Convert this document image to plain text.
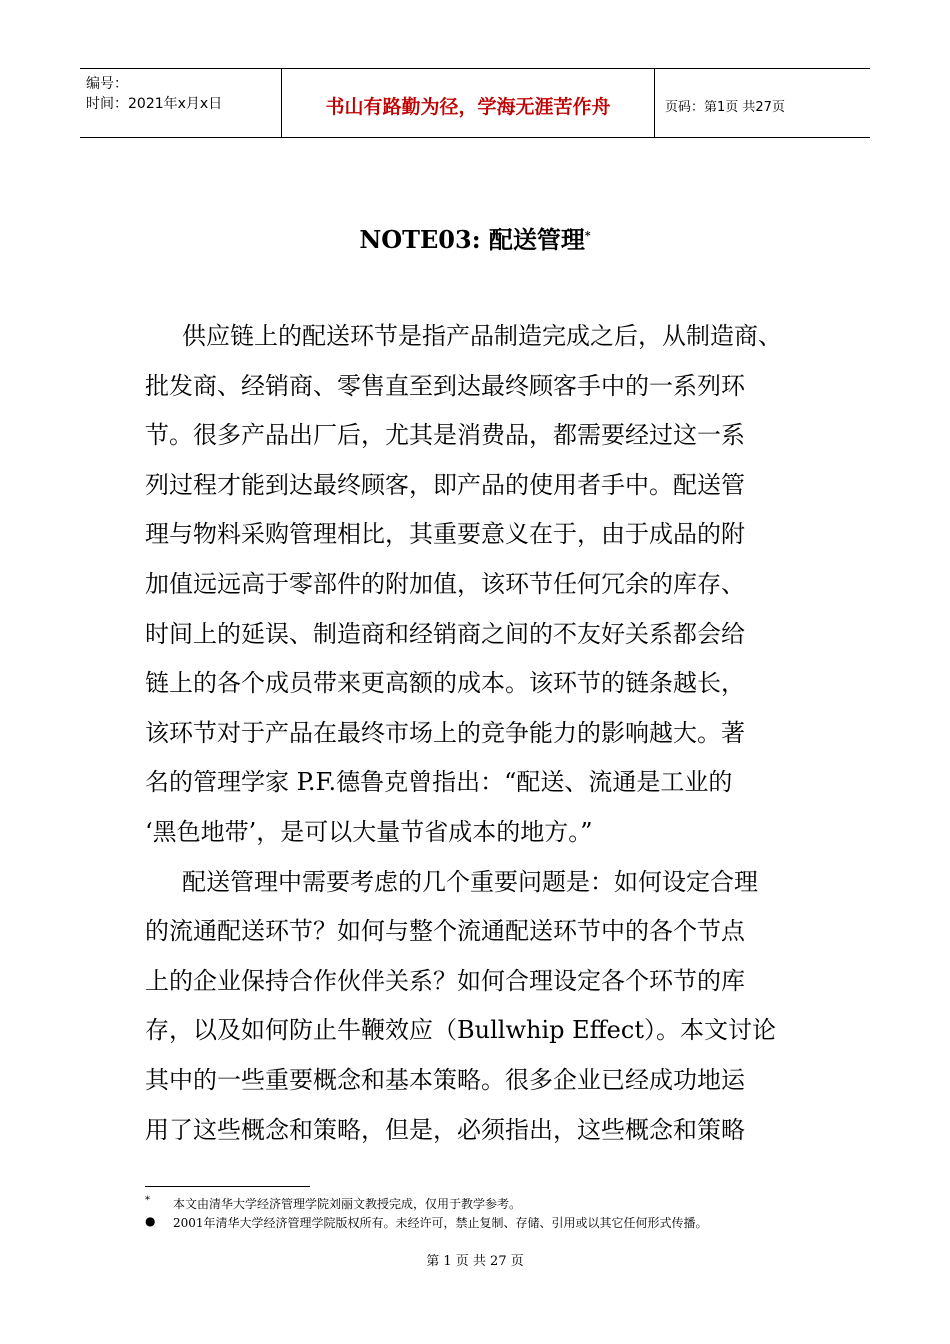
编号：
时间：2021年x月x日	书山有路勤为径，学海无涯苦作舟	页码：第1页 共27页
NOTE03: 配送管理*
供应链上的配送环节是指产品制造完成之后，从制造商、
批发商、经销商、零售直至到达最终顾客手中的一系列环
节。很多产品出厂后，尤其是消费品，都需要经过这一系
列过程才能到达最终顾客，即产品的使用者手中。配送管
理与物料采购管理相比，其重要意义在于，由于成品的附
加值远远高于零部件的附加值，该环节任何冗余的库存、
时间上的延误、制造商和经销商之间的不友好关系都会给
链上的各个成员带来更高额的成本。该环节的链条越长，
该环节对于产品在最终市场上的竞争能力的影响越大。著
名的管理学家 P.F.德鲁克曾指出：“配送、流通是工业的
‘黑色地带’，是可以大量节省成本的地方。”
配送管理中需要考虑的几个重要问题是：如何设定合理
的流通配送环节？如何与整个流通配送环节中的各个节点
上的企业保持合作伙伴关系？如何合理设定各个环节的库
存，以及如何防止牛鞭效应（Bullwhip Effect）。本文讨论
其中的一些重要概念和基本策略。很多企业已经成功地运
用了这些概念和策略，但是，必须指出，这些概念和策略
* 本文由清华大学经济管理学院刘丽文教授完成，仅用于教学参考。
● 2001年清华大学经济管理学院版权所有。未经许可，禁止复制、存储、引用或以其它任何形式传播。
第 1 页 共 27 页
